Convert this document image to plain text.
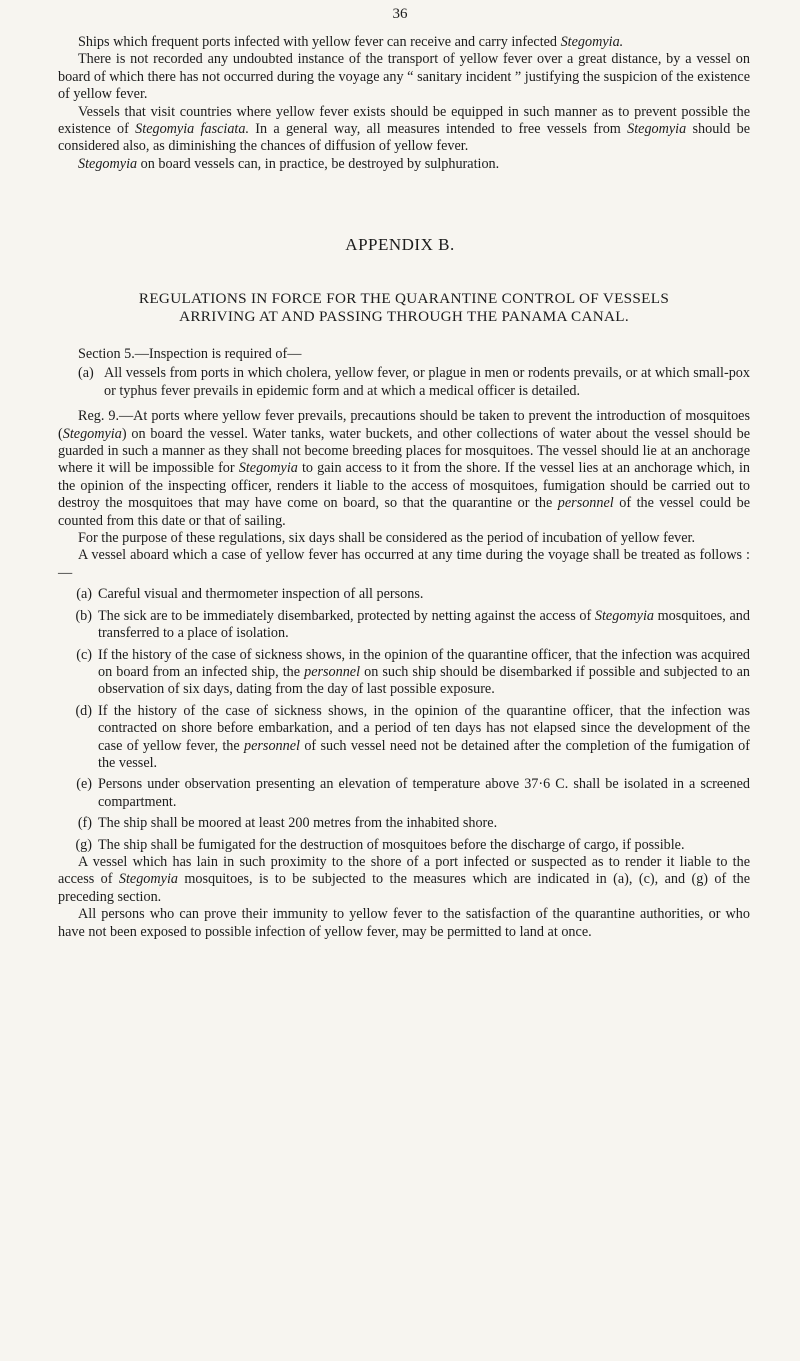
36

Ships which frequent ports infected with yellow fever can receive and carry infected Stegomyia.

There is not recorded any undoubted instance of the transport of yellow fever over a great distance, by a vessel on board of which there has not occurred during the voyage any “ sanitary incident ” justifying the suspicion of the existence of yellow fever.

Vessels that visit countries where yellow fever exists should be equipped in such manner as to prevent possible the existence of Stegomyia fasciata. In a general way, all measures intended to free vessels from Stegomyia should be considered also, as diminishing the chances of diffusion of yellow fever.

Stegomyia on board vessels can, in practice, be destroyed by sulphuration.

APPENDIX B.
REGULATIONS IN FORCE FOR THE QUARANTINE CONTROL OF VESSELS
ARRIVING AT AND PASSING THROUGH THE PANAMA CANAL.

Section 5.—Inspection is required of—

(a) All vessels from ports in which cholera, yellow fever, or plague in men or rodents prevails, or at which small-pox or typhus fever prevails in epidemic form and at which a medical officer is detailed.

Reg. 9.—At ports where yellow fever prevails, precautions should be taken to prevent the introduction of mosquitoes (Stegomyia) on board the vessel. Water tanks, water buckets, and other collections of water about the vessel should be guarded in such a manner as they shall not become breeding places for mosquitoes. The vessel should lie at an anchorage where it will be impossible for Stegomyia to gain access to it from the shore. If the vessel lies at an anchorage which, in the opinion of the inspecting officer, renders it liable to the access of mosquitoes, fumigation should be carried out to destroy the mosquitoes that may have come on board, so that the quarantine or the personnel of the vessel could be counted from this date or that of sailing.

For the purpose of these regulations, six days shall be considered as the period of incubation of yellow fever.

A vessel aboard which a case of yellow fever has occurred at any time during the voyage shall be treated as follows :—

(a) Careful visual and thermometer inspection of all persons.
(b) The sick are to be immediately disembarked, protected by netting against the access of Stegomyia mosquitoes, and transferred to a place of isolation.
(c) If the history of the case of sickness shows, in the opinion of the quarantine officer, that the infection was acquired on board from an infected ship, the personnel on such ship should be disembarked if possible and subjected to an observation of six days, dating from the day of last possible exposure.
(d) If the history of the case of sickness shows, in the opinion of the quarantine officer, that the infection was contracted on shore before embarkation, and a period of ten days has not elapsed since the development of the case of yellow fever, the personnel of such vessel need not be detained after the completion of the fumigation of the vessel.
(e) Persons under observation presenting an elevation of temperature above 37·6 C. shall be isolated in a screened compartment.
(f) The ship shall be moored at least 200 metres from the inhabited shore.
(g) The ship shall be fumigated for the destruction of mosquitoes before the discharge of cargo, if possible.

A vessel which has lain in such proximity to the shore of a port infected or suspected as to render it liable to the access of Stegomyia mosquitoes, is to be subjected to the measures which are indicated in (a), (c), and (g) of the preceding section.

All persons who can prove their immunity to yellow fever to the satisfaction of the quarantine authorities, or who have not been exposed to possible infection of yellow fever, may be permitted to land at once.
